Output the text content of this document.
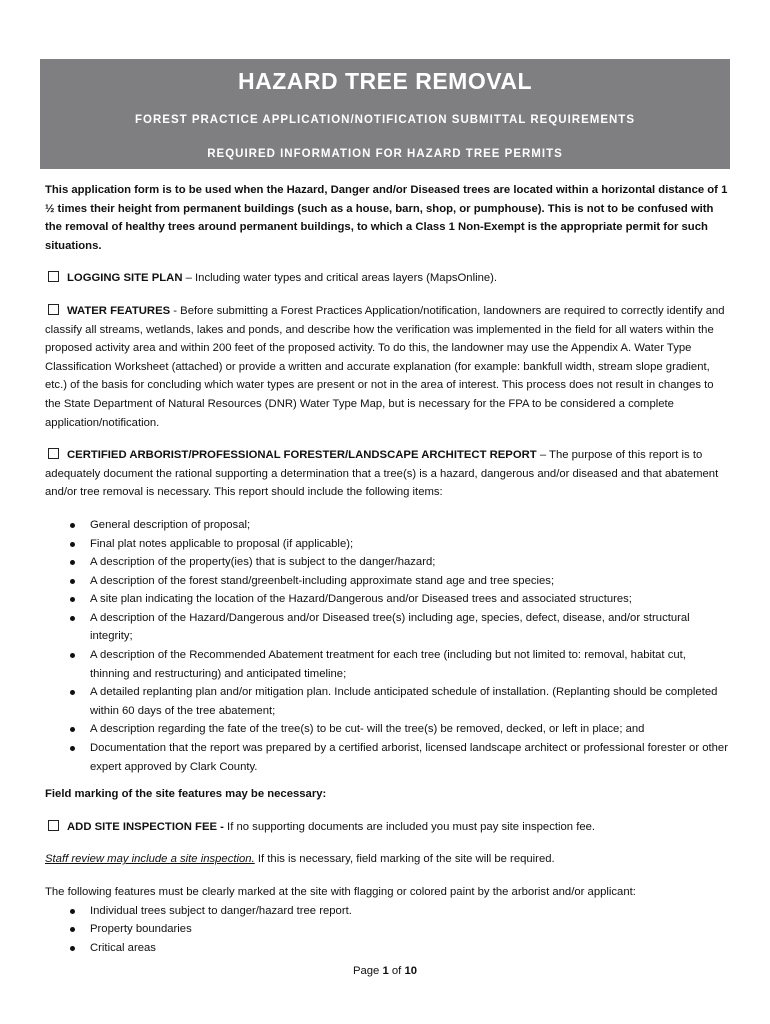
HAZARD TREE REMOVAL
FOREST PRACTICE APPLICATION/NOTIFICATION SUBMITTAL REQUIREMENTS
REQUIRED INFORMATION FOR HAZARD TREE PERMITS

This application form is to be used when the Hazard, Danger and/or Diseased trees are located within a horizontal distance of 1 ½ times their height from permanent buildings (such as a house, barn, shop, or pumphouse). This is not to be confused with the removal of healthy trees around permanent buildings, to which a Class 1 Non-Exempt is the appropriate permit for such situations.

LOGGING SITE PLAN – Including water types and critical areas layers (MapsOnline).

WATER FEATURES - Before submitting a Forest Practices Application/notification, landowners are required to correctly identify and classify all streams, wetlands, lakes and ponds, and describe how the verification was implemented in the field for all waters within the proposed activity area and within 200 feet of the proposed activity. To do this, the landowner may use the Appendix A. Water Type Classification Worksheet (attached) or provide a written and accurate explanation (for example: bankfull width, stream slope gradient, etc.) of the basis for concluding which water types are present or not in the area of interest. This process does not result in changes to the State Department of Natural Resources (DNR) Water Type Map, but is necessary for the FPA to be considered a complete application/notification.

CERTIFIED ARBORIST/PROFESSIONAL FORESTER/LANDSCAPE ARCHITECT REPORT – The purpose of this report is to adequately document the rational supporting a determination that a tree(s) is a hazard, dangerous and/or diseased and that abatement and/or tree removal is necessary. This report should include the following items:

General description of proposal;
Final plat notes applicable to proposal (if applicable);
A description of the property(ies) that is subject to the danger/hazard;
A description of the forest stand/greenbelt-including approximate stand age and tree species;
A site plan indicating the location of the Hazard/Dangerous and/or Diseased trees and associated structures;
A description of the Hazard/Dangerous and/or Diseased tree(s) including age, species, defect, disease, and/or structural integrity;
A description of the Recommended Abatement treatment for each tree (including but not limited to: removal, habitat cut, thinning and restructuring) and anticipated timeline;
A detailed replanting plan and/or mitigation plan. Include anticipated schedule of installation. (Replanting should be completed within 60 days of the tree abatement;
A description regarding the fate of the tree(s) to be cut- will the tree(s) be removed, decked, or left in place; and
Documentation that the report was prepared by a certified arborist, licensed landscape architect or professional forester or other expert approved by Clark County.

Field marking of the site features may be necessary:

ADD SITE INSPECTION FEE - If no supporting documents are included you must pay site inspection fee.

Staff review may include a site inspection. If this is necessary, field marking of the site will be required.

The following features must be clearly marked at the site with flagging or colored paint by the arborist and/or applicant:

Individual trees subject to danger/hazard tree report.
Property boundaries
Critical areas
Page 1 of 10
